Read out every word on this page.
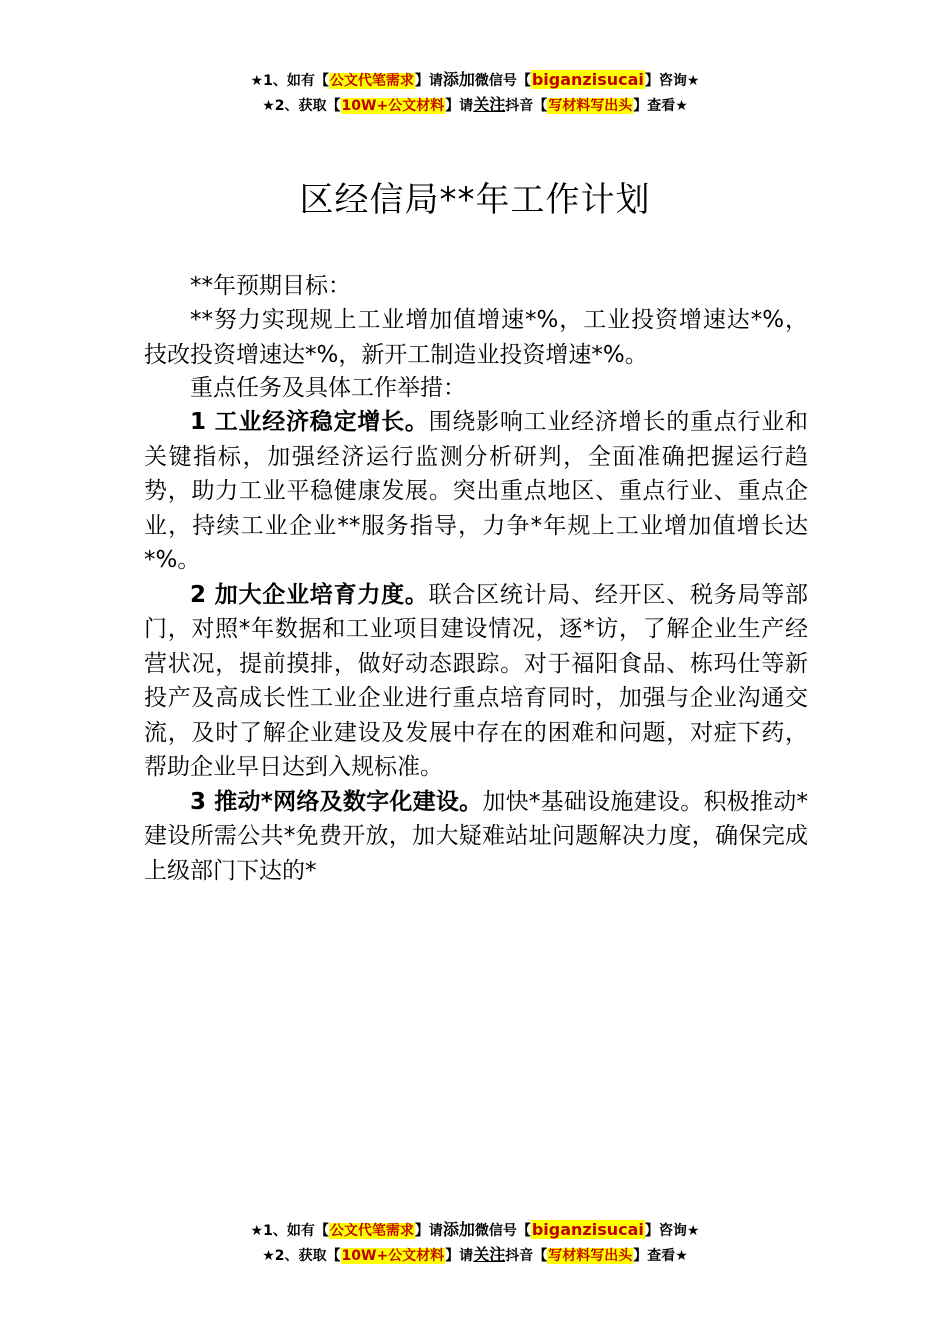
★1、如有【公文代笔需求】请添加微信号【biganzisucai】咨询★
★2、获取【10W+公文材料】请关注抖音【写材料写出头】查看★
区经信局**年工作计划

**年预期目标：

**努力实现规上工业增加值增速*%，工业投资增速达*%，技改投资增速达*%，新开工制造业投资增速*%。

重点任务及具体工作举措：

1 工业经济稳定增长。围绕影响工业经济增长的重点行业和关键指标，加强经济运行监测分析研判，全面准确把握运行趋势，助力工业平稳健康发展。突出重点地区、重点行业、重点企业，持续工业企业**服务指导，力争*年规上工业增加值增长达*%。

2 加大企业培育力度。联合区统计局、经开区、税务局等部门，对照*年数据和工业项目建设情况，逐*访，了解企业生产经营状况，提前摸排，做好动态跟踪。对于福阳食品、栋玛仕等新投产及高成长性工业企业进行重点培育同时，加强与企业沟通交流，及时了解企业建设及发展中存在的困难和问题，对症下药，帮助企业早日达到入规标准。

3 推动*网络及数字化建设。加快*基础设施建设。积极推动*建设所需公共*免费开放，加大疑难站址问题解决力度，确保完成上级部门下达的*

★1、如有【公文代笔需求】请添加微信号【biganzisucai】咨询★
★2、获取【10W+公文材料】请关注抖音【写材料写出头】查看★
